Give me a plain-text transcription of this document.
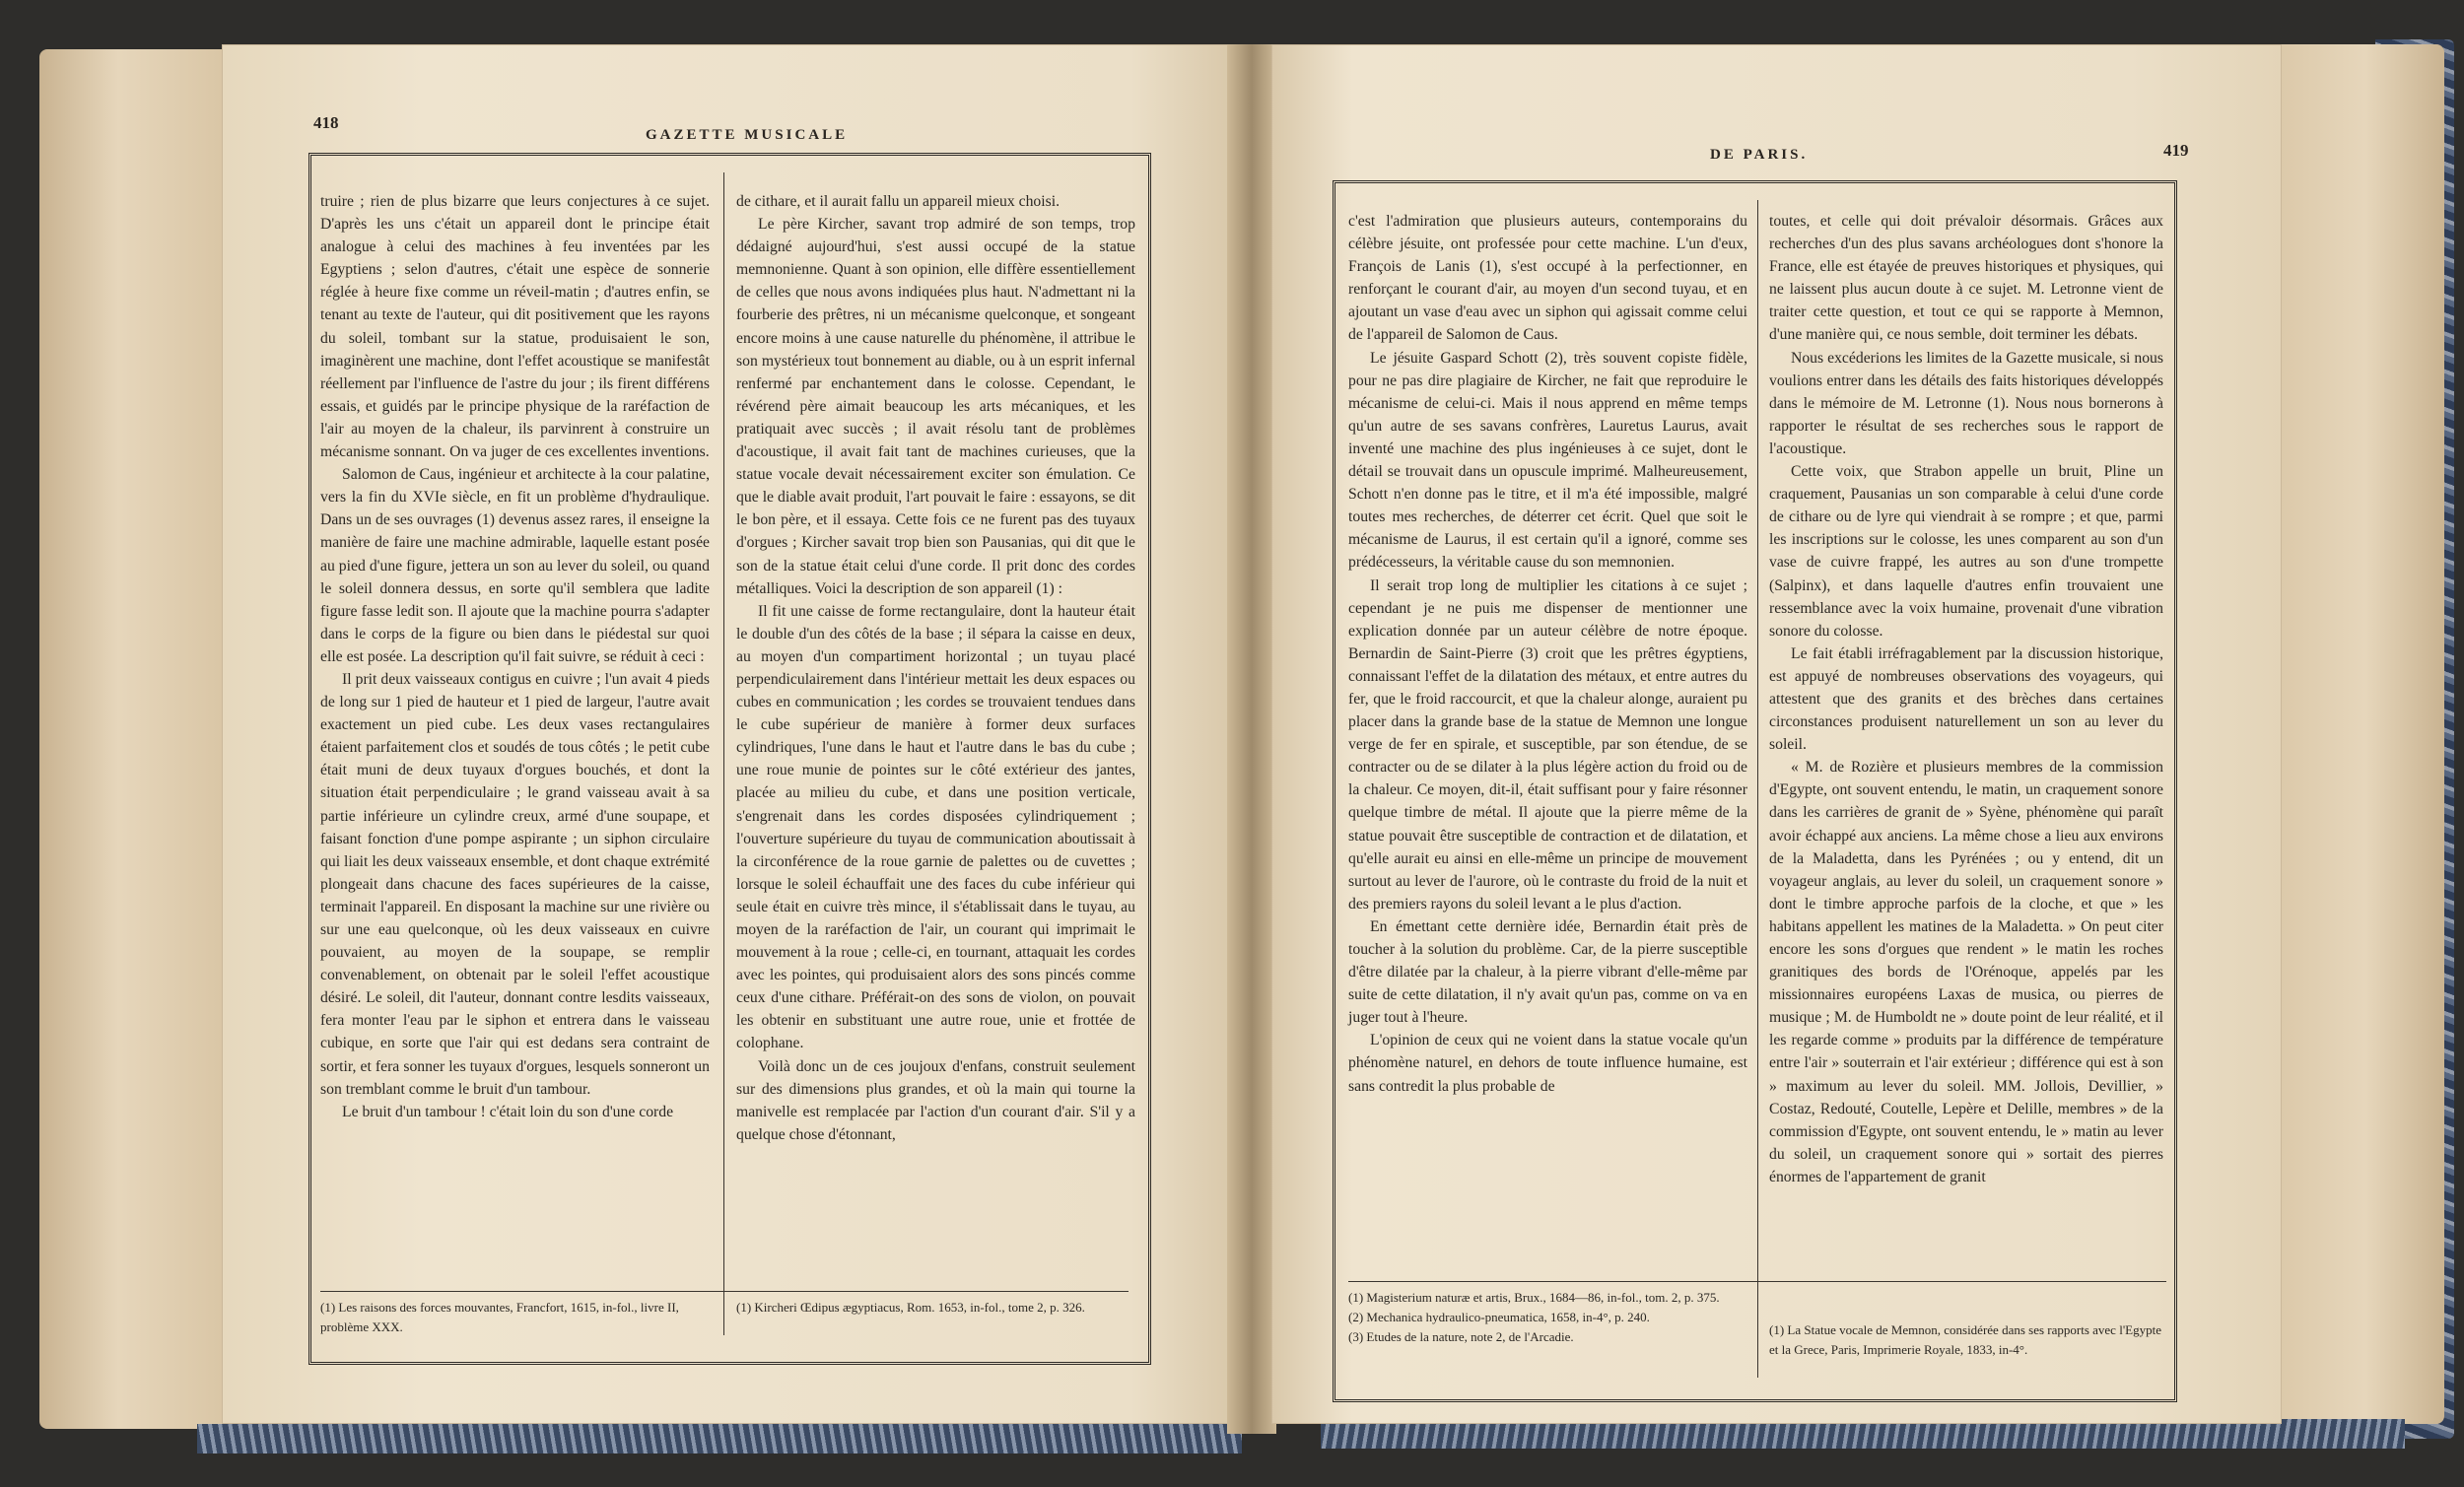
418
GAZETTE MUSICALE

truire ; rien de plus bizarre que leurs conjectures à ce sujet. D'après les uns c'était un appareil dont le principe était analogue à celui des machines à feu inventées par les Egyptiens ; selon d'autres, c'était une espèce de sonnerie réglée à heure fixe comme un réveil-matin ; d'autres enfin, se tenant au texte de l'auteur, qui dit positivement que les rayons du soleil, tombant sur la statue, produisaient le son, imaginèrent une machine, dont l'effet acoustique se manifestât réellement par l'influence de l'astre du jour ; ils firent différens essais, et guidés par le principe physique de la raréfaction de l'air au moyen de la chaleur, ils parvinrent à construire un mécanisme sonnant. On va juger de ces excellentes inventions.

Salomon de Caus, ingénieur et architecte à la cour palatine, vers la fin du XVIe siècle, en fit un problème d'hydraulique. Dans un de ses ouvrages (1) devenus assez rares, il enseigne la manière de faire une machine admirable, laquelle estant posée au pied d'une figure, jettera un son au lever du soleil, ou quand le soleil donnera dessus, en sorte qu'il semblera que ladite figure fasse ledit son. Il ajoute que la machine pourra s'adapter dans le corps de la figure ou bien dans le piédestal sur quoi elle est posée. La description qu'il fait suivre, se réduit à ceci :

Il prit deux vaisseaux contigus en cuivre ; l'un avait 4 pieds de long sur 1 pied de hauteur et 1 pied de largeur, l'autre avait exactement un pied cube. Les deux vases rectangulaires étaient parfaitement clos et soudés de tous côtés ; le petit cube était muni de deux tuyaux d'orgues bouchés, et dont la situation était perpendiculaire ; le grand vaisseau avait à sa partie inférieure un cylindre creux, armé d'une soupape, et faisant fonction d'une pompe aspirante ; un siphon circulaire qui liait les deux vaisseaux ensemble, et dont chaque extrémité plongeait dans chacune des faces supérieures de la caisse, terminait l'appareil. En disposant la machine sur une rivière ou sur une eau quelconque, où les deux vaisseaux en cuivre pouvaient, au moyen de la soupape, se remplir convenablement, on obtenait par le soleil l'effet acoustique désiré. Le soleil, dit l'auteur, donnant contre lesdits vaisseaux, fera monter l'eau par le siphon et entrera dans le vaisseau cubique, en sorte que l'air qui est dedans sera contraint de sortir, et fera sonner les tuyaux d'orgues, lesquels sonneront un son tremblant comme le bruit d'un tambour.

Le bruit d'un tambour ! c'était loin du son d'une corde

de cithare, et il aurait fallu un appareil mieux choisi.

Le père Kircher, savant trop admiré de son temps, trop dédaigné aujourd'hui, s'est aussi occupé de la statue memnonienne. Quant à son opinion, elle diffère essentiellement de celles que nous avons indiquées plus haut. N'admettant ni la fourberie des prêtres, ni un mécanisme quelconque, et songeant encore moins à une cause naturelle du phénomène, il attribue le son mystérieux tout bonnement au diable, ou à un esprit infernal renfermé par enchantement dans le colosse. Cependant, le révérend père aimait beaucoup les arts mécaniques, et les pratiquait avec succès ; il avait résolu tant de problèmes d'acoustique, il avait fait tant de machines curieuses, que la statue vocale devait nécessairement exciter son émulation. Ce que le diable avait produit, l'art pouvait le faire : essayons, se dit le bon père, et il essaya. Cette fois ce ne furent pas des tuyaux d'orgues ; Kircher savait trop bien son Pausanias, qui dit que le son de la statue était celui d'une corde. Il prit donc des cordes métalliques. Voici la description de son appareil (1) :

Il fit une caisse de forme rectangulaire, dont la hauteur était le double d'un des côtés de la base ; il sépara la caisse en deux, au moyen d'un compartiment horizontal ; un tuyau placé perpendiculairement dans l'intérieur mettait les deux espaces ou cubes en communication ; les cordes se trouvaient tendues dans le cube supérieur de manière à former deux surfaces cylindriques, l'une dans le haut et l'autre dans le bas du cube ; une roue munie de pointes sur le côté extérieur des jantes, placée au milieu du cube, et dans une position verticale, s'engrenait dans les cordes disposées cylindriquement ; l'ouverture supérieure du tuyau de communication aboutissait à la circonférence de la roue garnie de palettes ou de cuvettes ; lorsque le soleil échauffait une des faces du cube inférieur qui seule était en cuivre très mince, il s'établissait dans le tuyau, au moyen de la raréfaction de l'air, un courant qui imprimait le mouvement à la roue ; celle-ci, en tournant, attaquait les cordes avec les pointes, qui produisaient alors des sons pincés comme ceux d'une cithare. Préférait-on des sons de violon, on pouvait les obtenir en substituant une autre roue, unie et frottée de colophane.

Voilà donc un de ces joujoux d'enfans, construit seulement sur des dimensions plus grandes, et où la main qui tourne la manivelle est remplacée par l'action d'un courant d'air. S'il y a quelque chose d'étonnant,

(1) Les raisons des forces mouvantes, Francfort, 1615, in-fol., livre II, problème XXX.

(1) Kircheri Œdipus ægyptiacus, Rom. 1653, in-fol., tome 2, p. 326.

DE PARIS.	419

c'est l'admiration que plusieurs auteurs, contemporains du célèbre jésuite, ont professée pour cette machine. L'un d'eux, François de Lanis (1), s'est occupé à la perfectionner, en renforçant le courant d'air, au moyen d'un second tuyau, et en ajoutant un vase d'eau avec un siphon qui agissait comme celui de l'appareil de Salomon de Caus.

Le jésuite Gaspard Schott (2), très souvent copiste fidèle, pour ne pas dire plagiaire de Kircher, ne fait que reproduire le mécanisme de celui-ci. Mais il nous apprend en même temps qu'un autre de ses savans confrères, Lauretus Laurus, avait inventé une machine des plus ingénieuses à ce sujet, dont le détail se trouvait dans un opuscule imprimé. Malheureusement, Schott n'en donne pas le titre, et il m'a été impossible, malgré toutes mes recherches, de déterrer cet écrit. Quel que soit le mécanisme de Laurus, il est certain qu'il a ignoré, comme ses prédécesseurs, la véritable cause du son memnonien.

Il serait trop long de multiplier les citations à ce sujet ; cependant je ne puis me dispenser de mentionner une explication donnée par un auteur célèbre de notre époque. Bernardin de Saint-Pierre (3) croit que les prêtres égyptiens, connaissant l'effet de la dilatation des métaux, et entre autres du fer, que le froid raccourcit, et que la chaleur alonge, auraient pu placer dans la grande base de la statue de Memnon une longue verge de fer en spirale, et susceptible, par son étendue, de se contracter ou de se dilater à la plus légère action du froid ou de la chaleur. Ce moyen, dit-il, était suffisant pour y faire résonner quelque timbre de métal. Il ajoute que la pierre même de la statue pouvait être susceptible de contraction et de dilatation, et qu'elle aurait eu ainsi en elle-même un principe de mouvement surtout au lever de l'aurore, où le contraste du froid de la nuit et des premiers rayons du soleil levant a le plus d'action.

En émettant cette dernière idée, Bernardin était près de toucher à la solution du problème. Car, de la pierre susceptible d'être dilatée par la chaleur, à la pierre vibrant d'elle-même par suite de cette dilatation, il n'y avait qu'un pas, comme on va en juger tout à l'heure.

L'opinion de ceux qui ne voient dans la statue vocale qu'un phénomène naturel, en dehors de toute influence humaine, est sans contredit la plus probable de

toutes, et celle qui doit prévaloir désormais. Grâces aux recherches d'un des plus savans archéologues dont s'honore la France, elle est étayée de preuves historiques et physiques, qui ne laissent plus aucun doute à ce sujet. M. Letronne vient de traiter cette question, et tout ce qui se rapporte à Memnon, d'une manière qui, ce nous semble, doit terminer les débats.

Nous excéderions les limites de la Gazette musicale, si nous voulions entrer dans les détails des faits historiques développés dans le mémoire de M. Letronne (1). Nous nous bornerons à rapporter le résultat de ses recherches sous le rapport de l'acoustique.

Cette voix, que Strabon appelle un bruit, Pline un craquement, Pausanias un son comparable à celui d'une corde de cithare ou de lyre qui viendrait à se rompre ; et que, parmi les inscriptions sur le colosse, les unes comparent au son d'un vase de cuivre frappé, les autres au son d'une trompette (Salpinx), et dans laquelle d'autres enfin trouvaient une ressemblance avec la voix humaine, provenait d'une vibration sonore du colosse.

Le fait établi irréfragablement par la discussion historique, est appuyé de nombreuses observations des voyageurs, qui attestent que des granits et des brèches dans certaines circonstances produisent naturellement un son au lever du soleil.

« M. de Rozière et plusieurs membres de la commission d'Egypte, ont souvent entendu, le matin, un craquement sonore dans les carrières de granit de » Syène, phénomène qui paraît avoir échappé aux anciens. La même chose a lieu aux environs de la Maladetta, dans les Pyrénées ; ou y entend, dit un voyageur anglais, au lever du soleil, un craquement sonore » dont le timbre approche parfois de la cloche, et que » les habitans appellent les matines de la Maladetta. » On peut citer encore les sons d'orgues que rendent » le matin les roches granitiques des bords de l'Orénoque, appelés par les missionnaires européens Laxas de musica, ou pierres de musique ; M. de Humboldt ne » doute point de leur réalité, et il les regarde comme » produits par la différence de température entre l'air » souterrain et l'air extérieur ; différence qui est à son » maximum au lever du soleil. MM. Jollois, Devillier, » Costaz, Redouté, Coutelle, Lepère et Delille, membres » de la commission d'Egypte, ont souvent entendu, le » matin au lever du soleil, un craquement sonore qui » sortait des pierres énormes de l'appartement de granit

(1) Magisterium naturæ et artis, Brux., 1684—86, in-fol., tom. 2, p. 375.

(2) Mechanica hydraulico-pneumatica, 1658, in-4°, p. 240.

(3) Etudes de la nature, note 2, de l'Arcadie.	(1) La Statue vocale de Memnon, considérée dans ses rapports avec l'Egypte et la Grece, Paris, Imprimerie Royale, 1833, in-4°.
